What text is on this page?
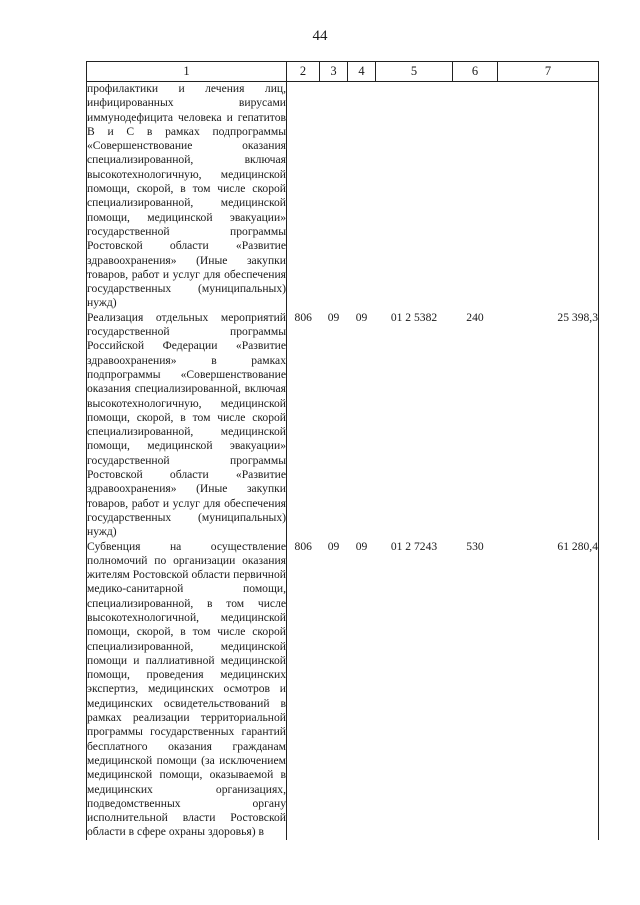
44
1	2	3	4	5	6	7
профилактики и лечения лиц, инфицированных вирусами иммунодефицита человека и гепатитов В и С в рамках подпрограммы «Совершенствование оказания специализированной, включая высокотехнологичную, медицинской помощи, скорой, в том числе скорой специализированной, медицинской помощи, медицинской эвакуации» государственной программы Ростовской области «Развитие здравоохранения» (Иные закупки товаров, работ и услуг для обеспечения государственных (муниципальных) нужд)						
Реализация отдельных мероприятий государственной программы Российской Федерации «Развитие здравоохранения» в рамках подпрограммы «Совершенствование оказания специализированной, включая высокотехнологичную, медицинской помощи, скорой, в том числе скорой специализированной, медицинской помощи, медицинской эвакуации» государственной программы Ростовской области «Развитие здравоохранения» (Иные закупки товаров, работ и услуг для обеспечения государственных (муниципальных) нужд)	806	09	09	01 2 5382	240	25 398,3
Субвенция на осуществление полномочий по организации оказания жителям Ростовской области первичной медико-санитарной помощи, специализированной, в том числе высокотехнологичной, медицинской помощи, скорой, в том числе скорой специализированной, медицинской помощи и паллиативной медицинской помощи, проведения медицинских экспертиз, медицинских осмотров и медицинских освидетельствований в рамках реализации территориальной программы государственных гарантий бесплатного оказания гражданам медицинской помощи (за исключением медицинской помощи, оказываемой в медицинских организациях, подведомственных органу исполнительной власти Ростовской области в сфере охраны здоровья) в	806	09	09	01 2 7243	530	61 280,4
